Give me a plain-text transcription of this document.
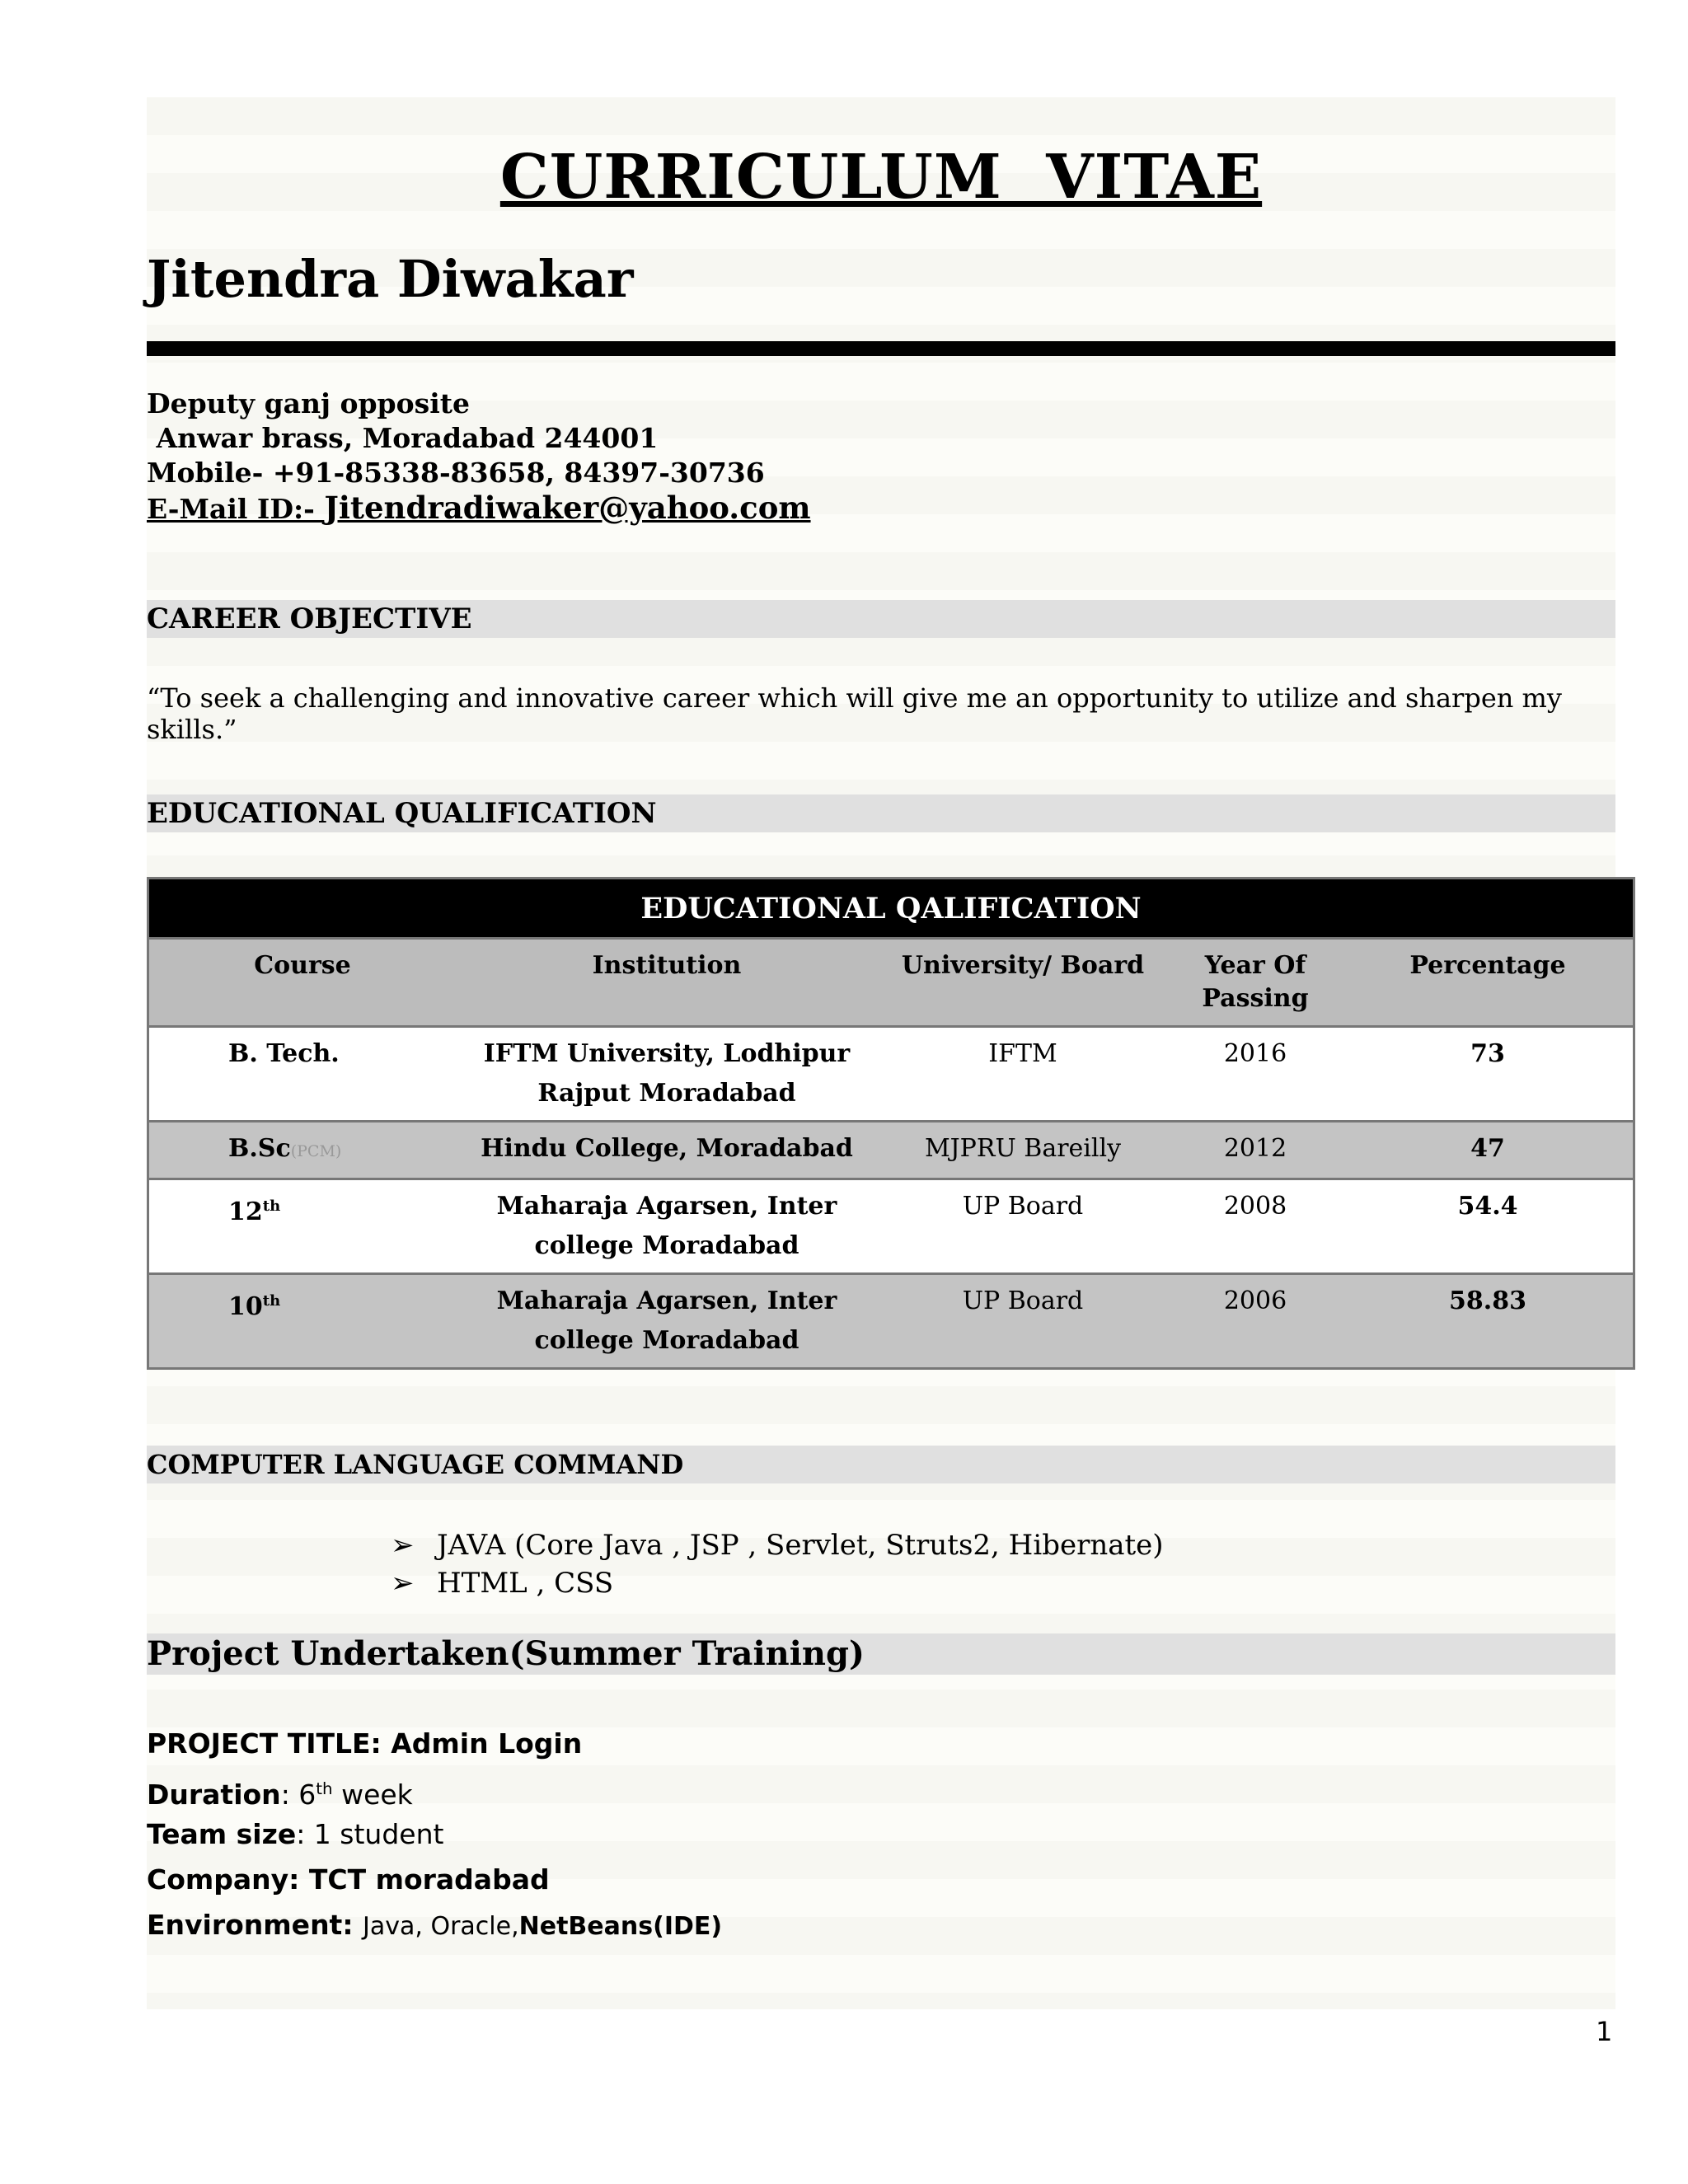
CURRICULUM  VITAE
Jitendra Diwakar
Deputy ganj opposite
Anwar brass, Moradabad 244001
Mobile- +91-85338-83658, 84397-30736
E-Mail ID:- Jitendradiwaker@yahoo.com
CAREER OBJECTIVE
“To seek a challenging and innovative career which will give me an opportunity to utilize and sharpen my skills.”
EDUCATIONAL QUALIFICATION
EDUCATIONAL QALIFICATION				
Course	Institution	University/ Board	Year Of Passing	Percentage
B. Tech.	IFTM University, Lodhipur Rajput Moradabad	IFTM	2016	73
B.Sc(PCM)	Hindu College, Moradabad	MJPRU Bareilly	2012	47
12th	Maharaja Agarsen, Inter college Moradabad	UP Board	2008	54.4
10th	Maharaja Agarsen, Inter college Moradabad	UP Board	2006	58.83
COMPUTER LANGUAGE COMMAND
➢ JAVA (Core Java , JSP , Servlet, Struts2, Hibernate)
➢ HTML , CSS
Project Undertaken(Summer Training)
PROJECT TITLE: Admin Login
Duration: 6th week
Team size: 1 student
Company: TCT moradabad
Environment: Java, Oracle,NetBeans(IDE)
1
